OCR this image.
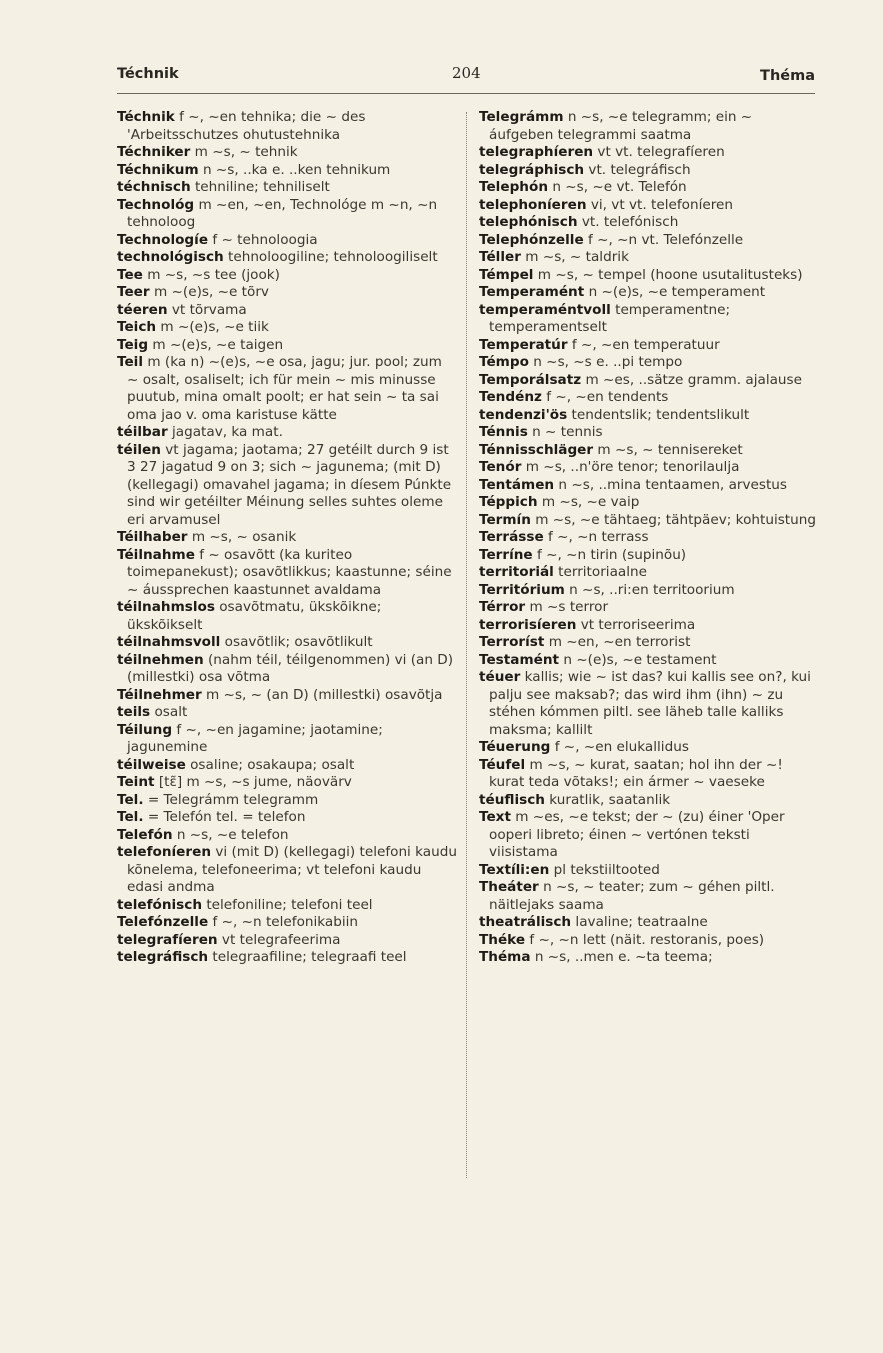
Téchnik	204	Théma
Téchnik f ~, ~en tehnika; die ~ des 'Arbeitsschutzes ohutustehnika
Téchniker m ~s, ~ tehnik
Téchnikum n ~s, ..ka e. ..ken tehnikum
téchnisch tehniline; tehniliselt
Technológ m ~en, ~en, Technológe m ~n, ~n tehnoloog
Technologíe f ~ tehnoloogia
technológisch tehnoloogiline; tehnoloogiliselt
Tee m ~s, ~s tee (jook)
Teer m ~(e)s, ~e tõrv
téeren vt tõrvama
Teich m ~(e)s, ~e tiik
Teig m ~(e)s, ~e taigen
Teil m (ka n) ~(e)s, ~e osa, jagu; jur. pool; zum ~ osalt, osaliselt; ich für mein ~ mis minusse puutub, mina omalt poolt; er hat sein ~ ta sai oma jao v. oma karistuse kätte
téilbar jagatav, ka mat.
téilen vt jagama; jaotama; 27 getéilt durch 9 ist 3 27 jagatud 9 on 3; sich ~ jagunema; (mit D) (kellegagi) omavahel jagama; in díesem Púnkte sind wir getéilter Méinung selles suhtes oleme eri arvamusel
Téilhaber m ~s, ~ osanik
Téilnahme f ~ osavõtt (ka kuriteo toimepanekust); osavõtlikkus; kaastunne; séine ~ áussprechen kaastunnet avaldama
téilnahmslos osavõtmatu, ükskõikne; ükskõikselt
téilnahmsvoll osavõtlik; osavõtlikult
téilnehmen (nahm téil, téilgenommen) vi (an D) (millestki) osa võtma
Téilnehmer m ~s, ~ (an D) (millestki) osavõtja
teils osalt
Téilung f ~, ~en jagamine; jaotamine; jagunemine
téilweise osaline; osakaupa; osalt
Teint [tɛ̃] m ~s, ~s jume, näovärv
Tel. = Telegrámm telegramm
Tel. = Telefón tel. = telefon
Telefón n ~s, ~e telefon
telefoníeren vi (mit D) (kellegagi) telefoni kaudu kõnelema, telefoneerima; vt telefoni kaudu edasi andma
telefónisch telefoniline; telefoni teel
Telefónzelle f ~, ~n telefonikabiin
telegrafíeren vt telegrafeerima
telegráfisch telegraafiline; telegraafi teel
Telegrámm n ~s, ~e telegramm; ein ~ áufgeben telegrammi saatma
telegraphíeren vt vt. telegrafíeren
telegráphisch vt. telegráfisch
Telephón n ~s, ~e vt. Telefón
telephoníeren vi, vt vt. telefoníeren
telephónisch vt. telefónisch
Telephónzelle f ~, ~n vt. Telefónzelle
Téller m ~s, ~ taldrik
Témpel m ~s, ~ tempel (hoone usutalitusteks)
Temperamént n ~(e)s, ~e temperament
temperaméntvoll temperamentne; temperamentselt
Temperatúr f ~, ~en temperatuur
Témpo n ~s, ~s e. ..pi tempo
Temporálsatz m ~es, ..sätze gramm. ajalause
Tendénz f ~, ~en tendents
tendenzi'ös tendentslik; tendentslikult
Ténnis n ~ tennis
Ténnisschläger m ~s, ~ tennisereket
Tenór m ~s, ..n'öre tenor; tenorilaulja
Tentámen n ~s, ..mina tentaamen, arvestus
Téppich m ~s, ~e vaip
Termín m ~s, ~e tähtaeg; tähtpäev; kohtuistung
Terrásse f ~, ~n terrass
Terríne f ~, ~n tirin (supinõu)
territoriál territoriaalne
Territórium n ~s, ..ri:en territoorium
Térror m ~s terror
terrorisíeren vt terroriseerima
Terroríst m ~en, ~en terrorist
Testamént n ~(e)s, ~e testament
téuer kallis; wie ~ ist das? kui kallis see on?, kui palju see maksab?; das wird ihm (ihn) ~ zu stéhen kómmen piltl. see läheb talle kalliks maksma; kallilt
Téuerung f ~, ~en elukallidus
Téufel m ~s, ~ kurat, saatan; hol ihn der ~! kurat teda võtaks!; ein ármer ~ vaeseke
téuflisch kuratlik, saatanlik
Text m ~es, ~e tekst; der ~ (zu) éiner 'Oper ooperi libreto; éinen ~ vertónen teksti viisistama
Textíli:en pl tekstiiltooted
Theáter n ~s, ~ teater; zum ~ géhen piltl. näitlejaks saama
theatrálisch lavaline; teatraalne
Théke f ~, ~n lett (näit. restoranis, poes)
Théma n ~s, ..men e. ~ta teema;
